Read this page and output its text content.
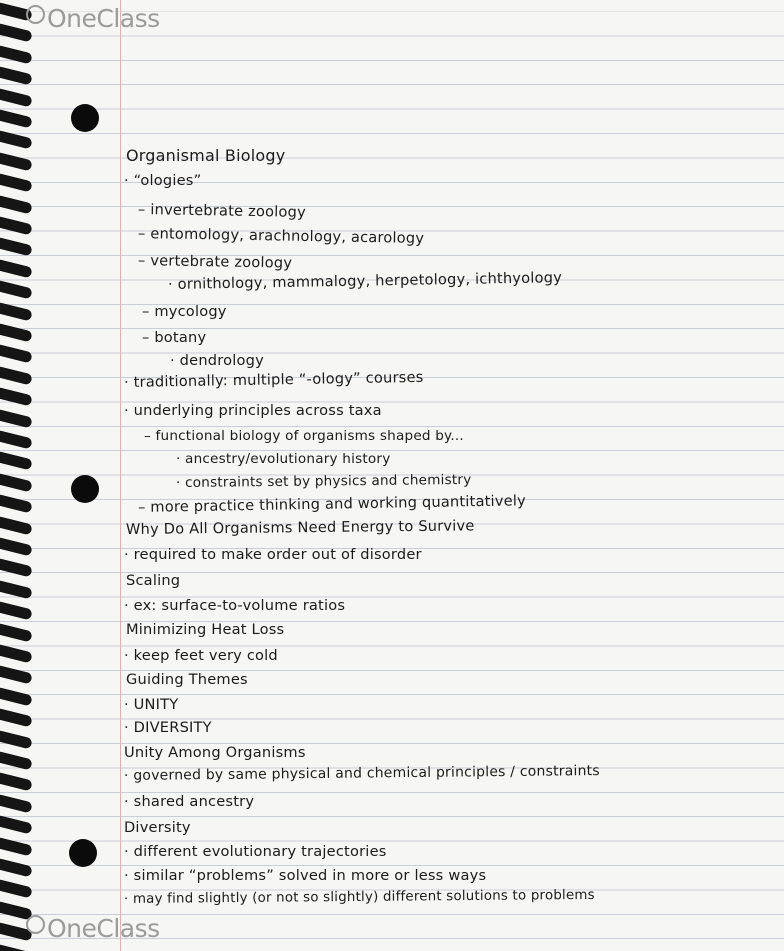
OneClass
OneClass
Organismal Biology
· “ologies”
– invertebrate zoology
– entomology, arachnology, acarology
– vertebrate zoology
· ornithology, mammalogy, herpetology, ichthyology
– mycology
– botany
· dendrology
· traditionally: multiple “-ology” courses
· underlying principles across taxa
– functional biology of organisms shaped by...
· ancestry/evolutionary history
· constraints set by physics and chemistry
– more practice thinking and working quantitatively
Why Do All Organisms Need Energy to Survive
· required to make order out of disorder
Scaling
· ex: surface-to-volume ratios
Minimizing Heat Loss
· keep feet very cold
Guiding Themes
· UNITY
· DIVERSITY
Unity Among Organisms
· governed by same physical and chemical principles / constraints
· shared ancestry
Diversity
· different evolutionary trajectories
· similar “problems” solved in more or less ways
· may find slightly (or not so slightly) different solutions to problems
